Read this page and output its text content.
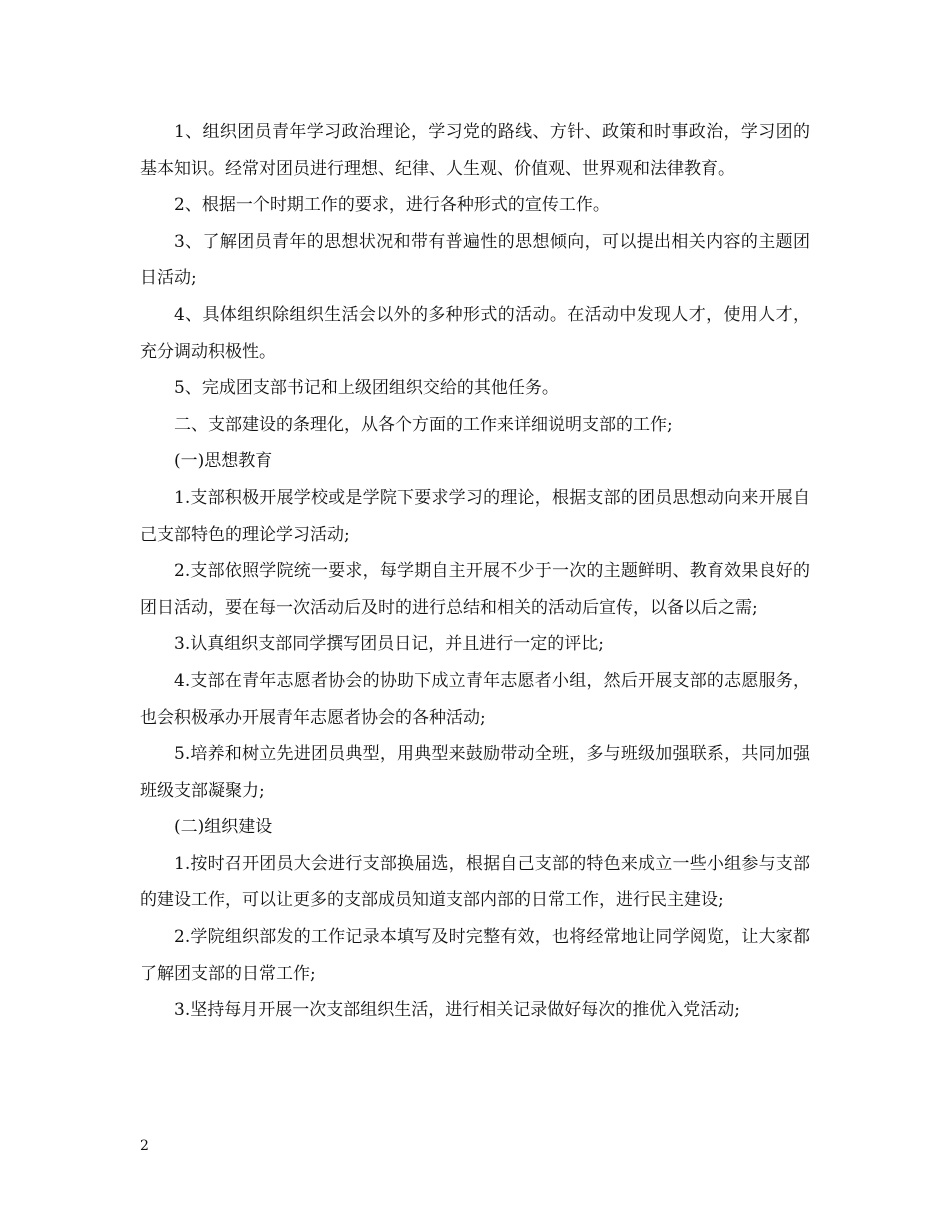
1、组织团员青年学习政治理论，学习党的路线、方针、政策和时事政治，学习团的基本知识。经常对团员进行理想、纪律、人生观、价值观、世界观和法律教育。

2、根据一个时期工作的要求，进行各种形式的宣传工作。

3、了解团员青年的思想状况和带有普遍性的思想倾向，可以提出相关内容的主题团日活动;

4、具体组织除组织生活会以外的多种形式的活动。在活动中发现人才，使用人才，充分调动积极性。

5、完成团支部书记和上级团组织交给的其他任务。

二、支部建设的条理化，从各个方面的工作来详细说明支部的工作;

(一)思想教育

1.支部积极开展学校或是学院下要求学习的理论，根据支部的团员思想动向来开展自己支部特色的理论学习活动;

2.支部依照学院统一要求，每学期自主开展不少于一次的主题鲜明、教育效果良好的团日活动，要在每一次活动后及时的进行总结和相关的活动后宣传，以备以后之需;

3.认真组织支部同学撰写团员日记，并且进行一定的评比;

4.支部在青年志愿者协会的协助下成立青年志愿者小组，然后开展支部的志愿服务，也会积极承办开展青年志愿者协会的各种活动;

5.培养和树立先进团员典型，用典型来鼓励带动全班，多与班级加强联系，共同加强班级支部凝聚力;

(二)组织建设

1.按时召开团员大会进行支部换届选，根据自己支部的特色来成立一些小组参与支部的建设工作，可以让更多的支部成员知道支部内部的日常工作，进行民主建设;

2.学院组织部发的工作记录本填写及时完整有效，也将经常地让同学阅览，让大家都了解团支部的日常工作;

3.坚持每月开展一次支部组织生活，进行相关记录做好每次的推优入党活动;

2
